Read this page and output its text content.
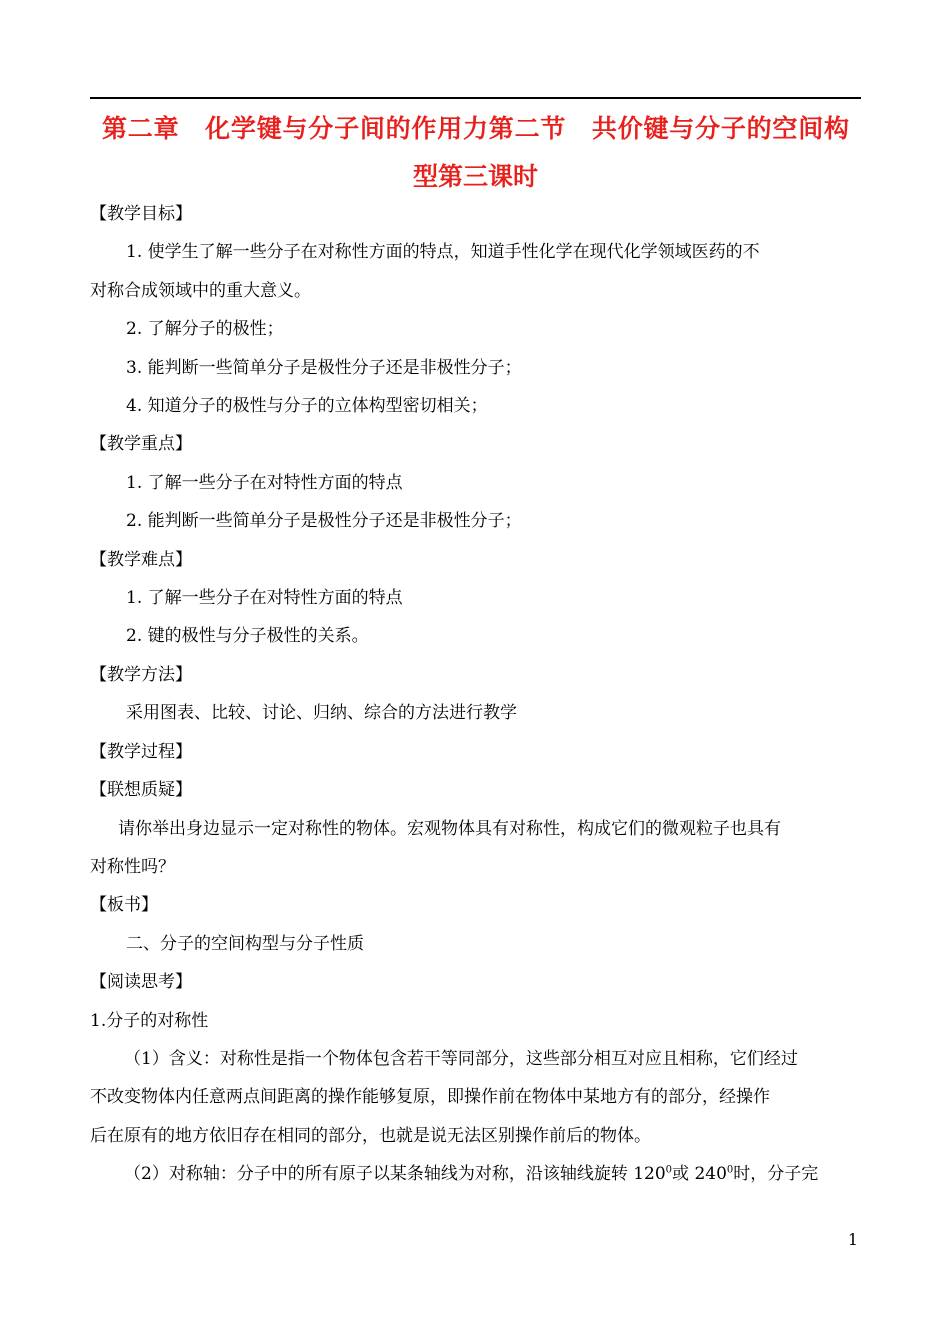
第二章　化学键与分子间的作用力第二节　共价键与分子的空间构
型第三课时

【教学目标】

1. 使学生了解一些分子在对称性方面的特点，知道手性化学在现代化学领域医药的不

对称合成领域中的重大意义。

2. 了解分子的极性；

3. 能判断一些简单分子是极性分子还是非极性分子；

4. 知道分子的极性与分子的立体构型密切相关；

【教学重点】

1. 了解一些分子在对特性方面的特点

2. 能判断一些简单分子是极性分子还是非极性分子；

【教学难点】

1. 了解一些分子在对特性方面的特点

2. 键的极性与分子极性的关系。

【教学方法】

采用图表、比较、讨论、归纳、综合的方法进行教学

【教学过程】

【联想质疑】

请你举出身边显示一定对称性的物体。宏观物体具有对称性，构成它们的微观粒子也具有

对称性吗？

【板书】

二、分子的空间构型与分子性质

【阅读思考】

1.分子的对称性

（1）含义：对称性是指一个物体包含若干等同部分，这些部分相互对应且相称，它们经过

不改变物体内任意两点间距离的操作能够复原，即操作前在物体中某地方有的部分，经操作

后在原有的地方依旧存在相同的部分，也就是说无法区别操作前后的物体。

（2）对称轴：分子中的所有原子以某条轴线为对称，沿该轴线旋转 $120^0$或 $240^0$时，分子完

1
